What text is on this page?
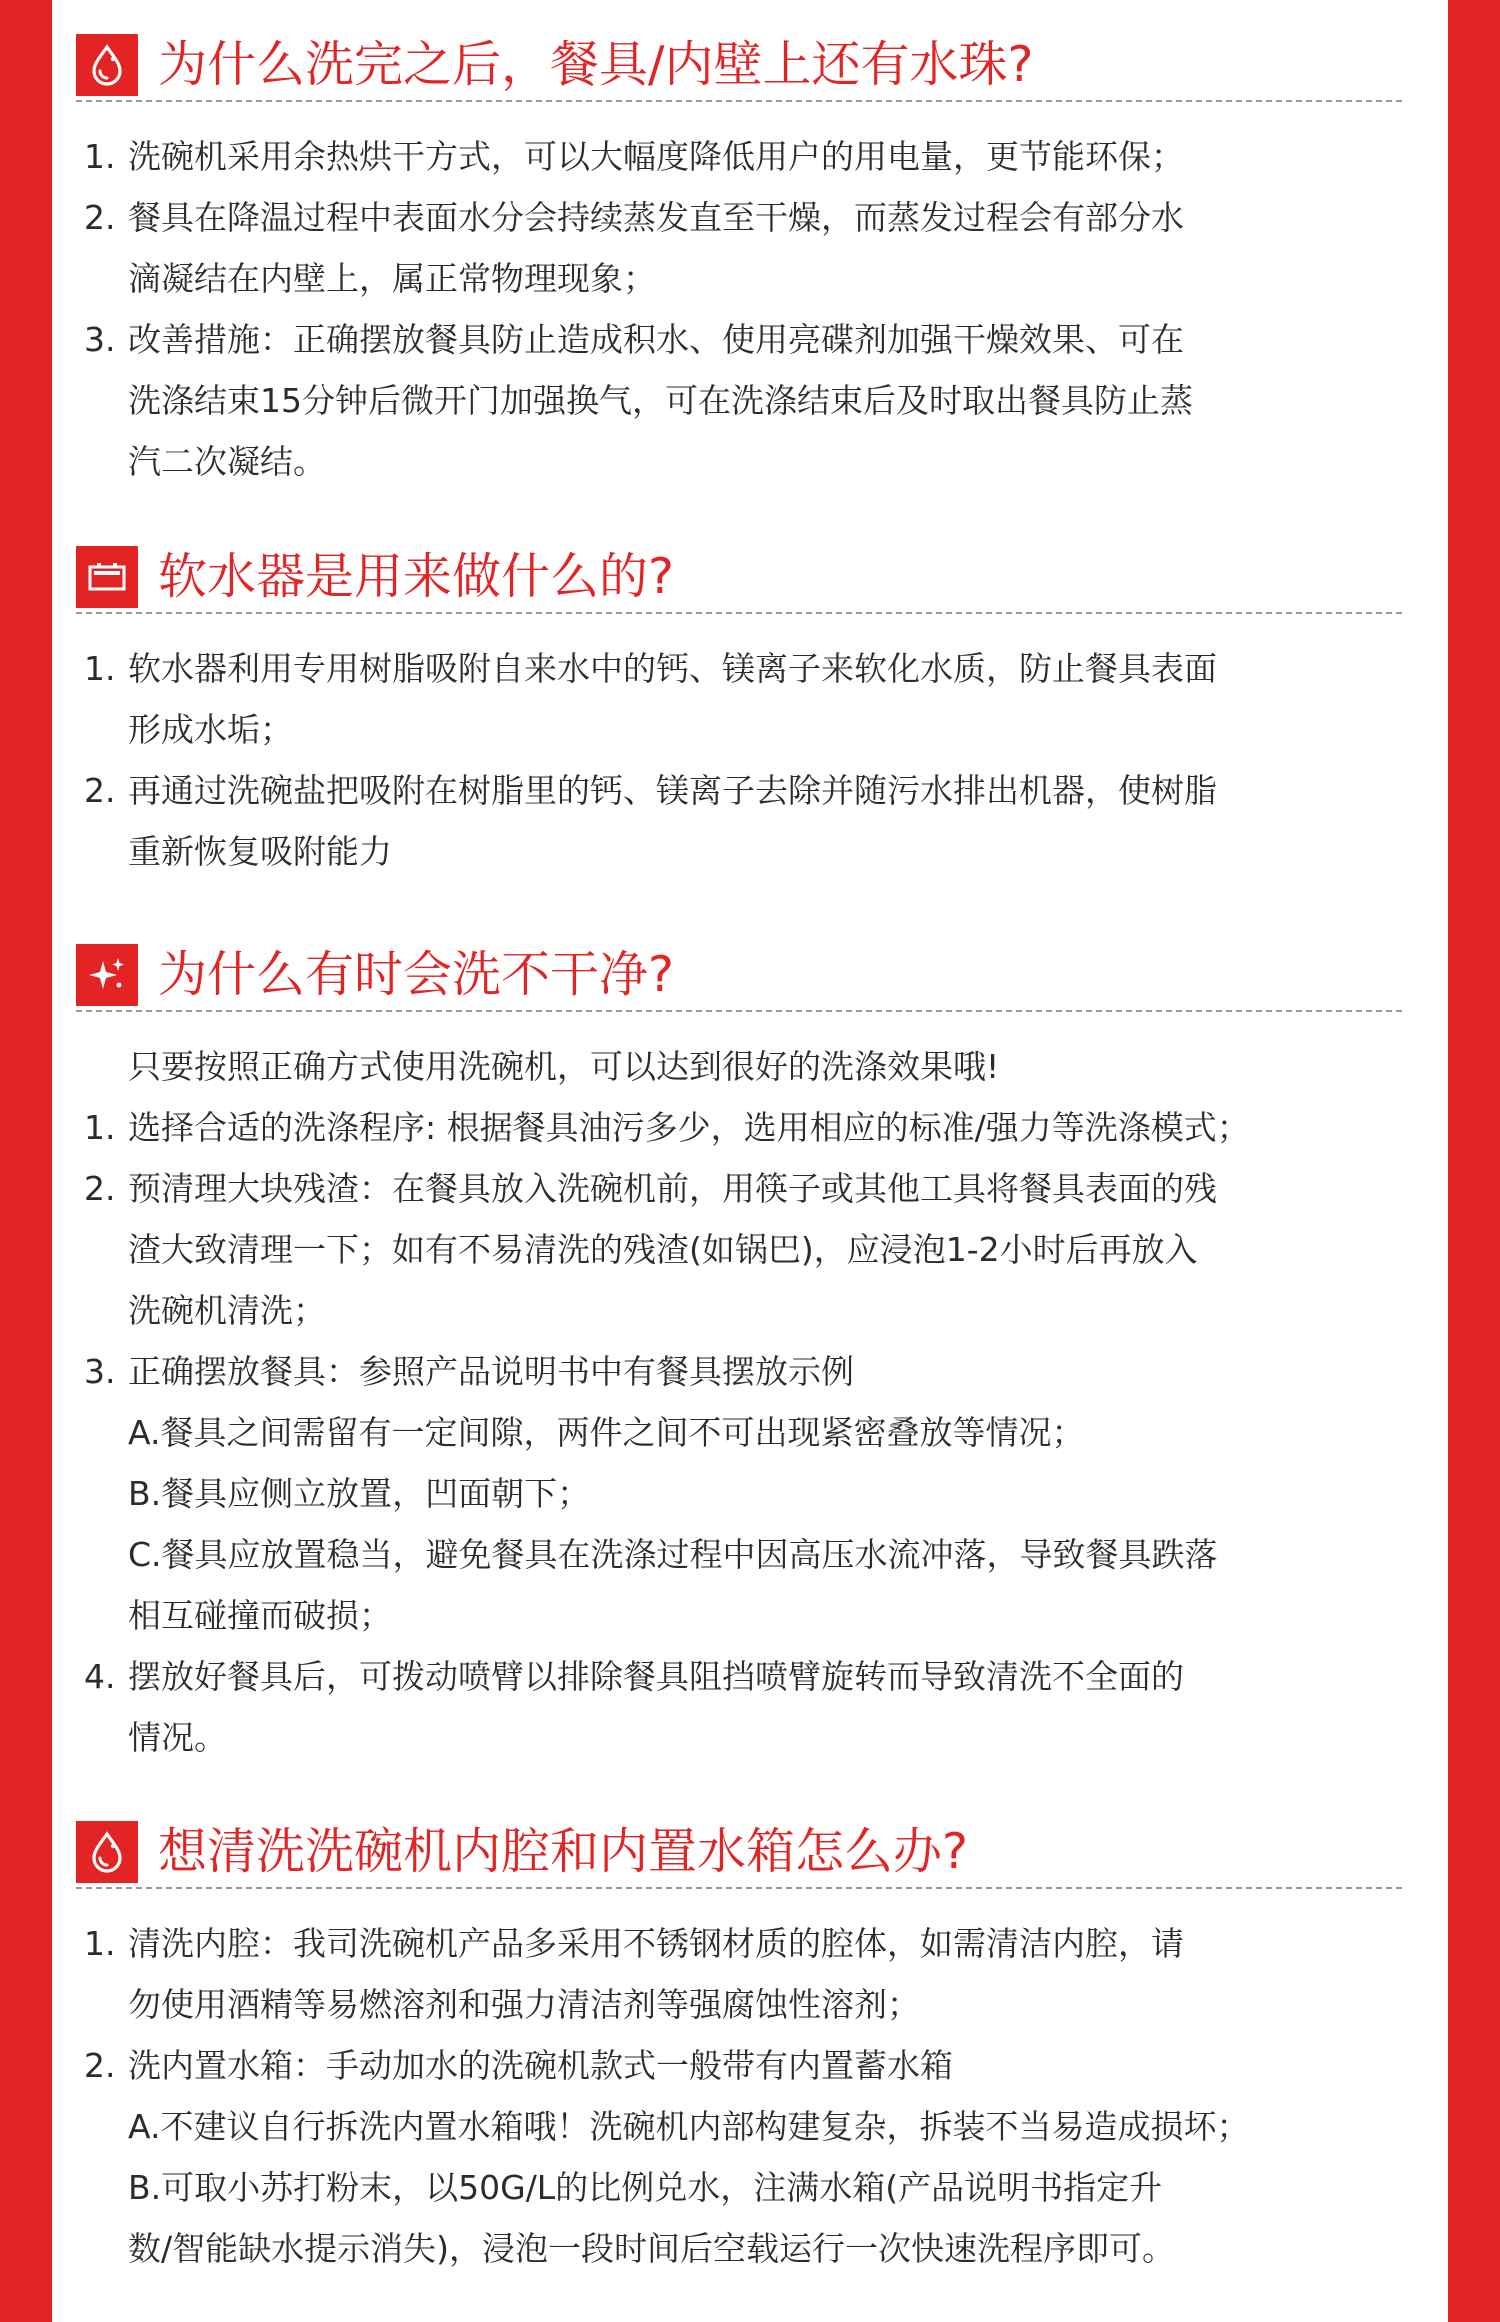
为什么洗完之后，餐具/内壁上还有水珠?
1. 洗碗机采用余热烘干方式，可以大幅度降低用户的用电量，更节能环保；
2. 餐具在降温过程中表面水分会持续蒸发直至干燥，而蒸发过程会有部分水
滴凝结在内壁上，属正常物理现象；
3. 改善措施：正确摆放餐具防止造成积水、使用亮碟剂加强干燥效果、可在
洗涤结束15分钟后微开门加强换气，可在洗涤结束后及时取出餐具防止蒸
汽二次凝结。
软水器是用来做什么的?
1. 软水器利用专用树脂吸附自来水中的钙、镁离子来软化水质，防止餐具表面
形成水垢；
2. 再通过洗碗盐把吸附在树脂里的钙、镁离子去除并随污水排出机器，使树脂
重新恢复吸附能力
为什么有时会洗不干净?
只要按照正确方式使用洗碗机，可以达到很好的洗涤效果哦!
1. 选择合适的洗涤程序: 根据餐具油污多少，选用相应的标准/强力等洗涤模式；
2. 预清理大块残渣：在餐具放入洗碗机前，用筷子或其他工具将餐具表面的残
渣大致清理一下；如有不易清洗的残渣(如锅巴)，应浸泡1-2小时后再放入
洗碗机清洗；
3. 正确摆放餐具：参照产品说明书中有餐具摆放示例
A.餐具之间需留有一定间隙，两件之间不可出现紧密叠放等情况；
B.餐具应侧立放置，凹面朝下；
C.餐具应放置稳当，避免餐具在洗涤过程中因高压水流冲落，导致餐具跌落
相互碰撞而破损；
4. 摆放好餐具后，可拨动喷臂以排除餐具阻挡喷臂旋转而导致清洗不全面的
情况。
想清洗洗碗机内腔和内置水箱怎么办?
1. 清洗内腔：我司洗碗机产品多采用不锈钢材质的腔体，如需清洁内腔，请
勿使用酒精等易燃溶剂和强力清洁剂等强腐蚀性溶剂；
2. 洗内置水箱：手动加水的洗碗机款式一般带有内置蓄水箱
A.不建议自行拆洗内置水箱哦！洗碗机内部构建复杂，拆装不当易造成损坏；
B.可取小苏打粉末，以50G/L的比例兑水，注满水箱(产品说明书指定升
数/智能缺水提示消失)，浸泡一段时间后空载运行一次快速洗程序即可。
